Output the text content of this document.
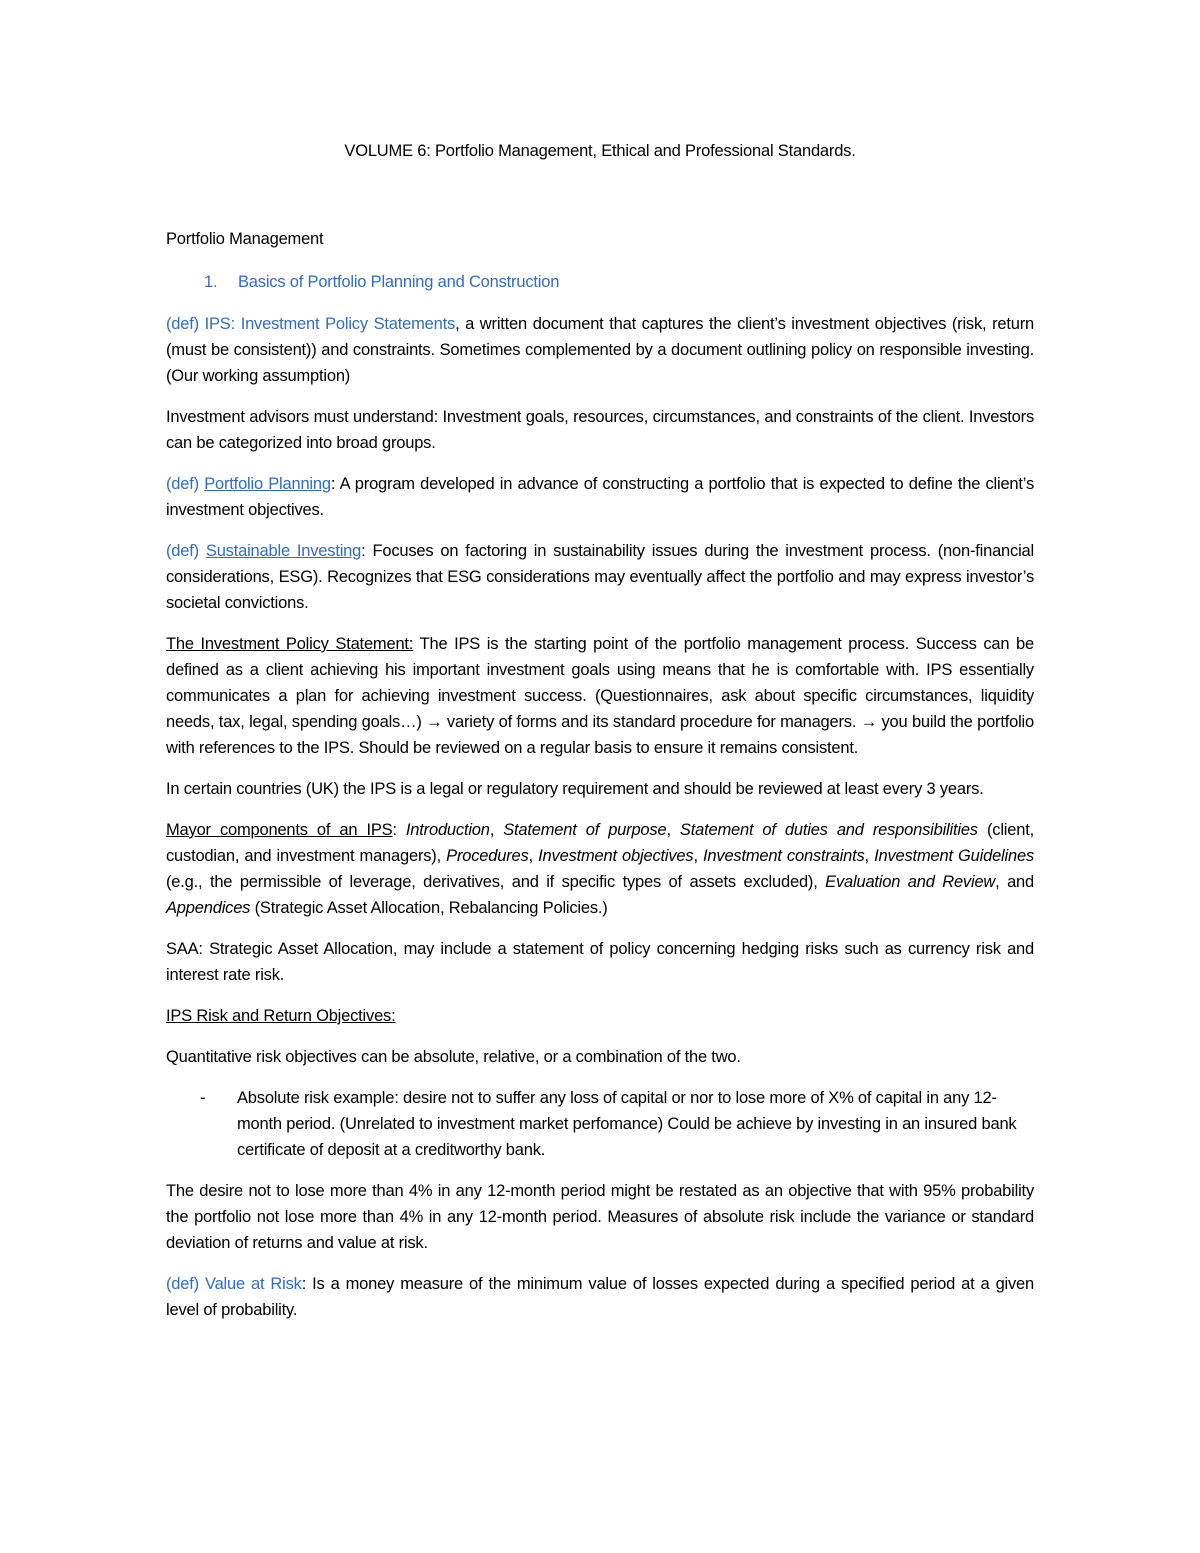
VOLUME 6: Portfolio Management, Ethical and Professional Standards.
Portfolio Management
1. Basics of Portfolio Planning and Construction

(def) IPS: Investment Policy Statements, a written document that captures the client’s investment objectives (risk, return (must be consistent)) and constraints. Sometimes complemented by a document outlining policy on responsible investing. (Our working assumption)

Investment advisors must understand: Investment goals, resources, circumstances, and constraints of the client. Investors can be categorized into broad groups.

(def) Portfolio Planning: A program developed in advance of constructing a portfolio that is expected to define the client’s investment objectives.

(def) Sustainable Investing: Focuses on factoring in sustainability issues during the investment process. (non-financial considerations, ESG). Recognizes that ESG considerations may eventually affect the portfolio and may express investor’s societal convictions.

The Investment Policy Statement: The IPS is the starting point of the portfolio management process. Success can be defined as a client achieving his important investment goals using means that he is comfortable with. IPS essentially communicates a plan for achieving investment success. (Questionnaires, ask about specific circumstances, liquidity needs, tax, legal, spending goals…) → variety of forms and its standard procedure for managers. → you build the portfolio with references to the IPS. Should be reviewed on a regular basis to ensure it remains consistent.

In certain countries (UK) the IPS is a legal or regulatory requirement and should be reviewed at least every 3 years.

Mayor components of an IPS: Introduction, Statement of purpose, Statement of duties and responsibilities (client, custodian, and investment managers), Procedures, Investment objectives, Investment constraints, Investment Guidelines (e.g., the permissible of leverage, derivatives, and if specific types of assets excluded), Evaluation and Review, and Appendices (Strategic Asset Allocation, Rebalancing Policies.)

SAA: Strategic Asset Allocation, may include a statement of policy concerning hedging risks such as currency risk and interest rate risk.

IPS Risk and Return Objectives:

Quantitative risk objectives can be absolute, relative, or a combination of the two.

- Absolute risk example: desire not to suffer any loss of capital or nor to lose more of X% of capital in any 12-month period. (Unrelated to investment market perfomance) Could be achieve by investing in an insured bank certificate of deposit at a creditworthy bank.

The desire not to lose more than 4% in any 12-month period might be restated as an objective that with 95% probability the portfolio not lose more than 4% in any 12-month period. Measures of absolute risk include the variance or standard deviation of returns and value at risk.

(def) Value at Risk: Is a money measure of the minimum value of losses expected during a specified period at a given level of probability.
